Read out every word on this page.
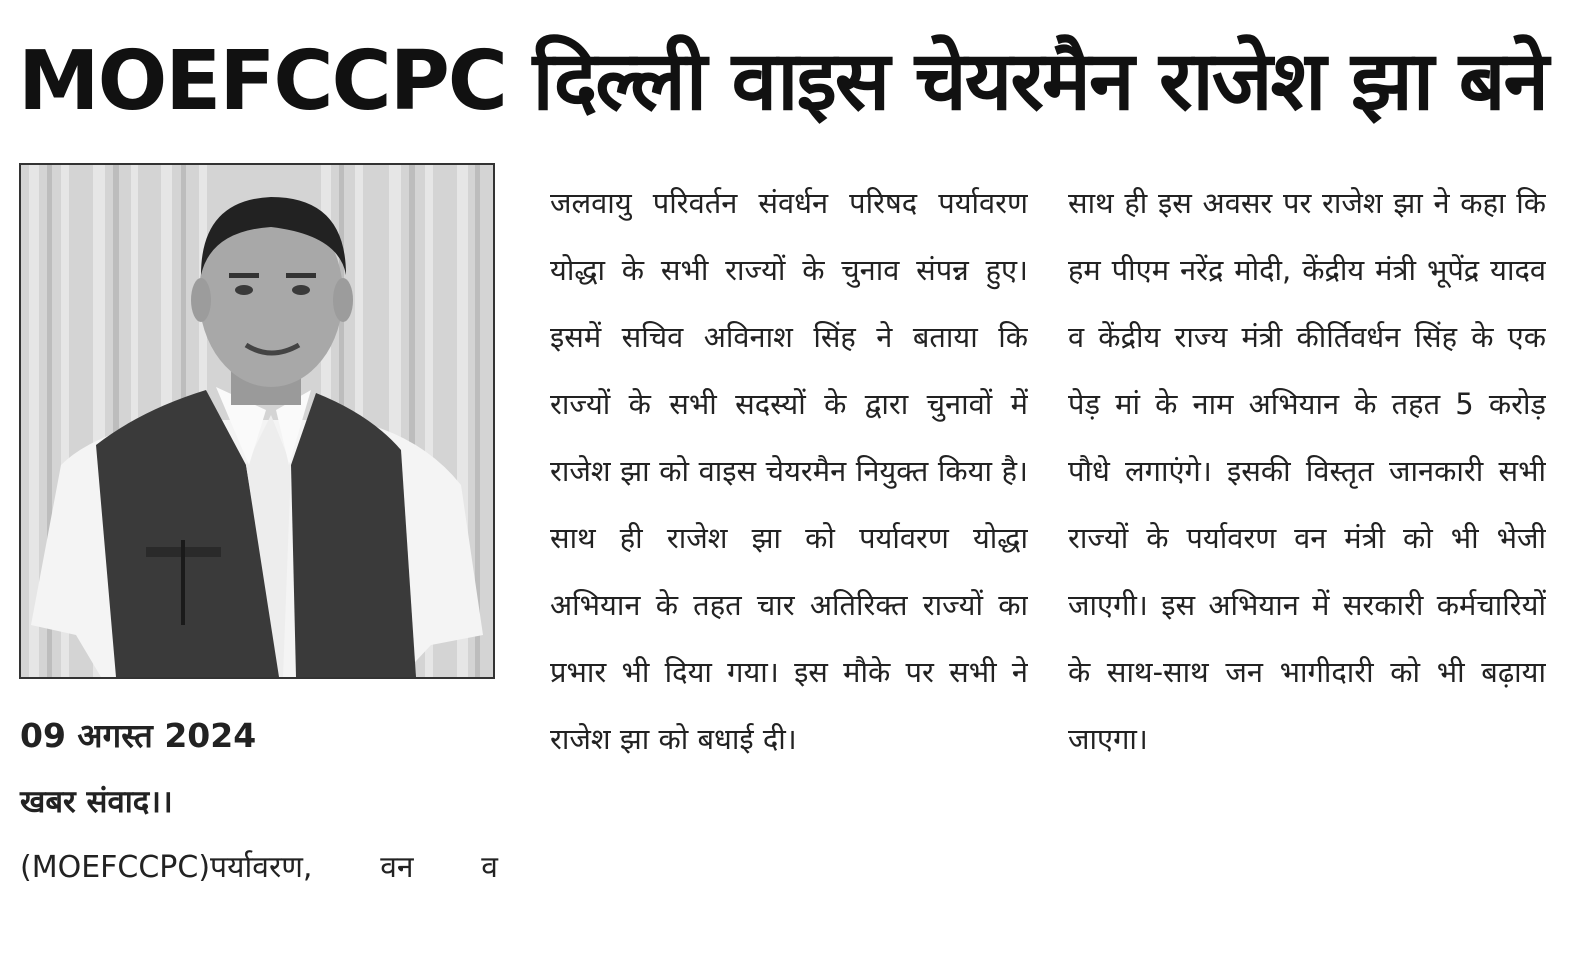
MOEFCCPC दिल्ली वाइस चेयरमैन राजेश झा बने
09 अगस्त 2024
खबर संवाद।।
(MOEFCCPC)पर्यावरण, वन व
जलवायु परिवर्तन संवर्धन परिषद पर्यावरण योद्धा के सभी राज्यों के चुनाव संपन्न हुए। इसमें सचिव अविनाश सिंह ने बताया कि राज्यों के सभी सदस्यों के द्वारा चुनावों में राजेश झा को वाइस चेयरमैन नियुक्त किया है। साथ ही राजेश झा को पर्यावरण योद्धा अभियान के तहत चार अतिरिक्त राज्यों का प्रभार भी दिया गया। इस मौके पर सभी ने राजेश झा को बधाई दी।
साथ ही इस अवसर पर राजेश झा ने कहा कि हम पीएम नरेंद्र मोदी, केंद्रीय मंत्री भूपेंद्र यादव व केंद्रीय राज्य मंत्री कीर्तिवर्धन सिंह के एक पेड़ मां के नाम अभियान के तहत 5 करोड़ पौधे लगाएंगे। इसकी विस्तृत जानकारी सभी राज्यों के पर्यावरण वन मंत्री को भी भेजी जाएगी। इस अभियान में सरकारी कर्मचारियों के साथ-साथ जन भागीदारी को भी बढ़ाया जाएगा।
